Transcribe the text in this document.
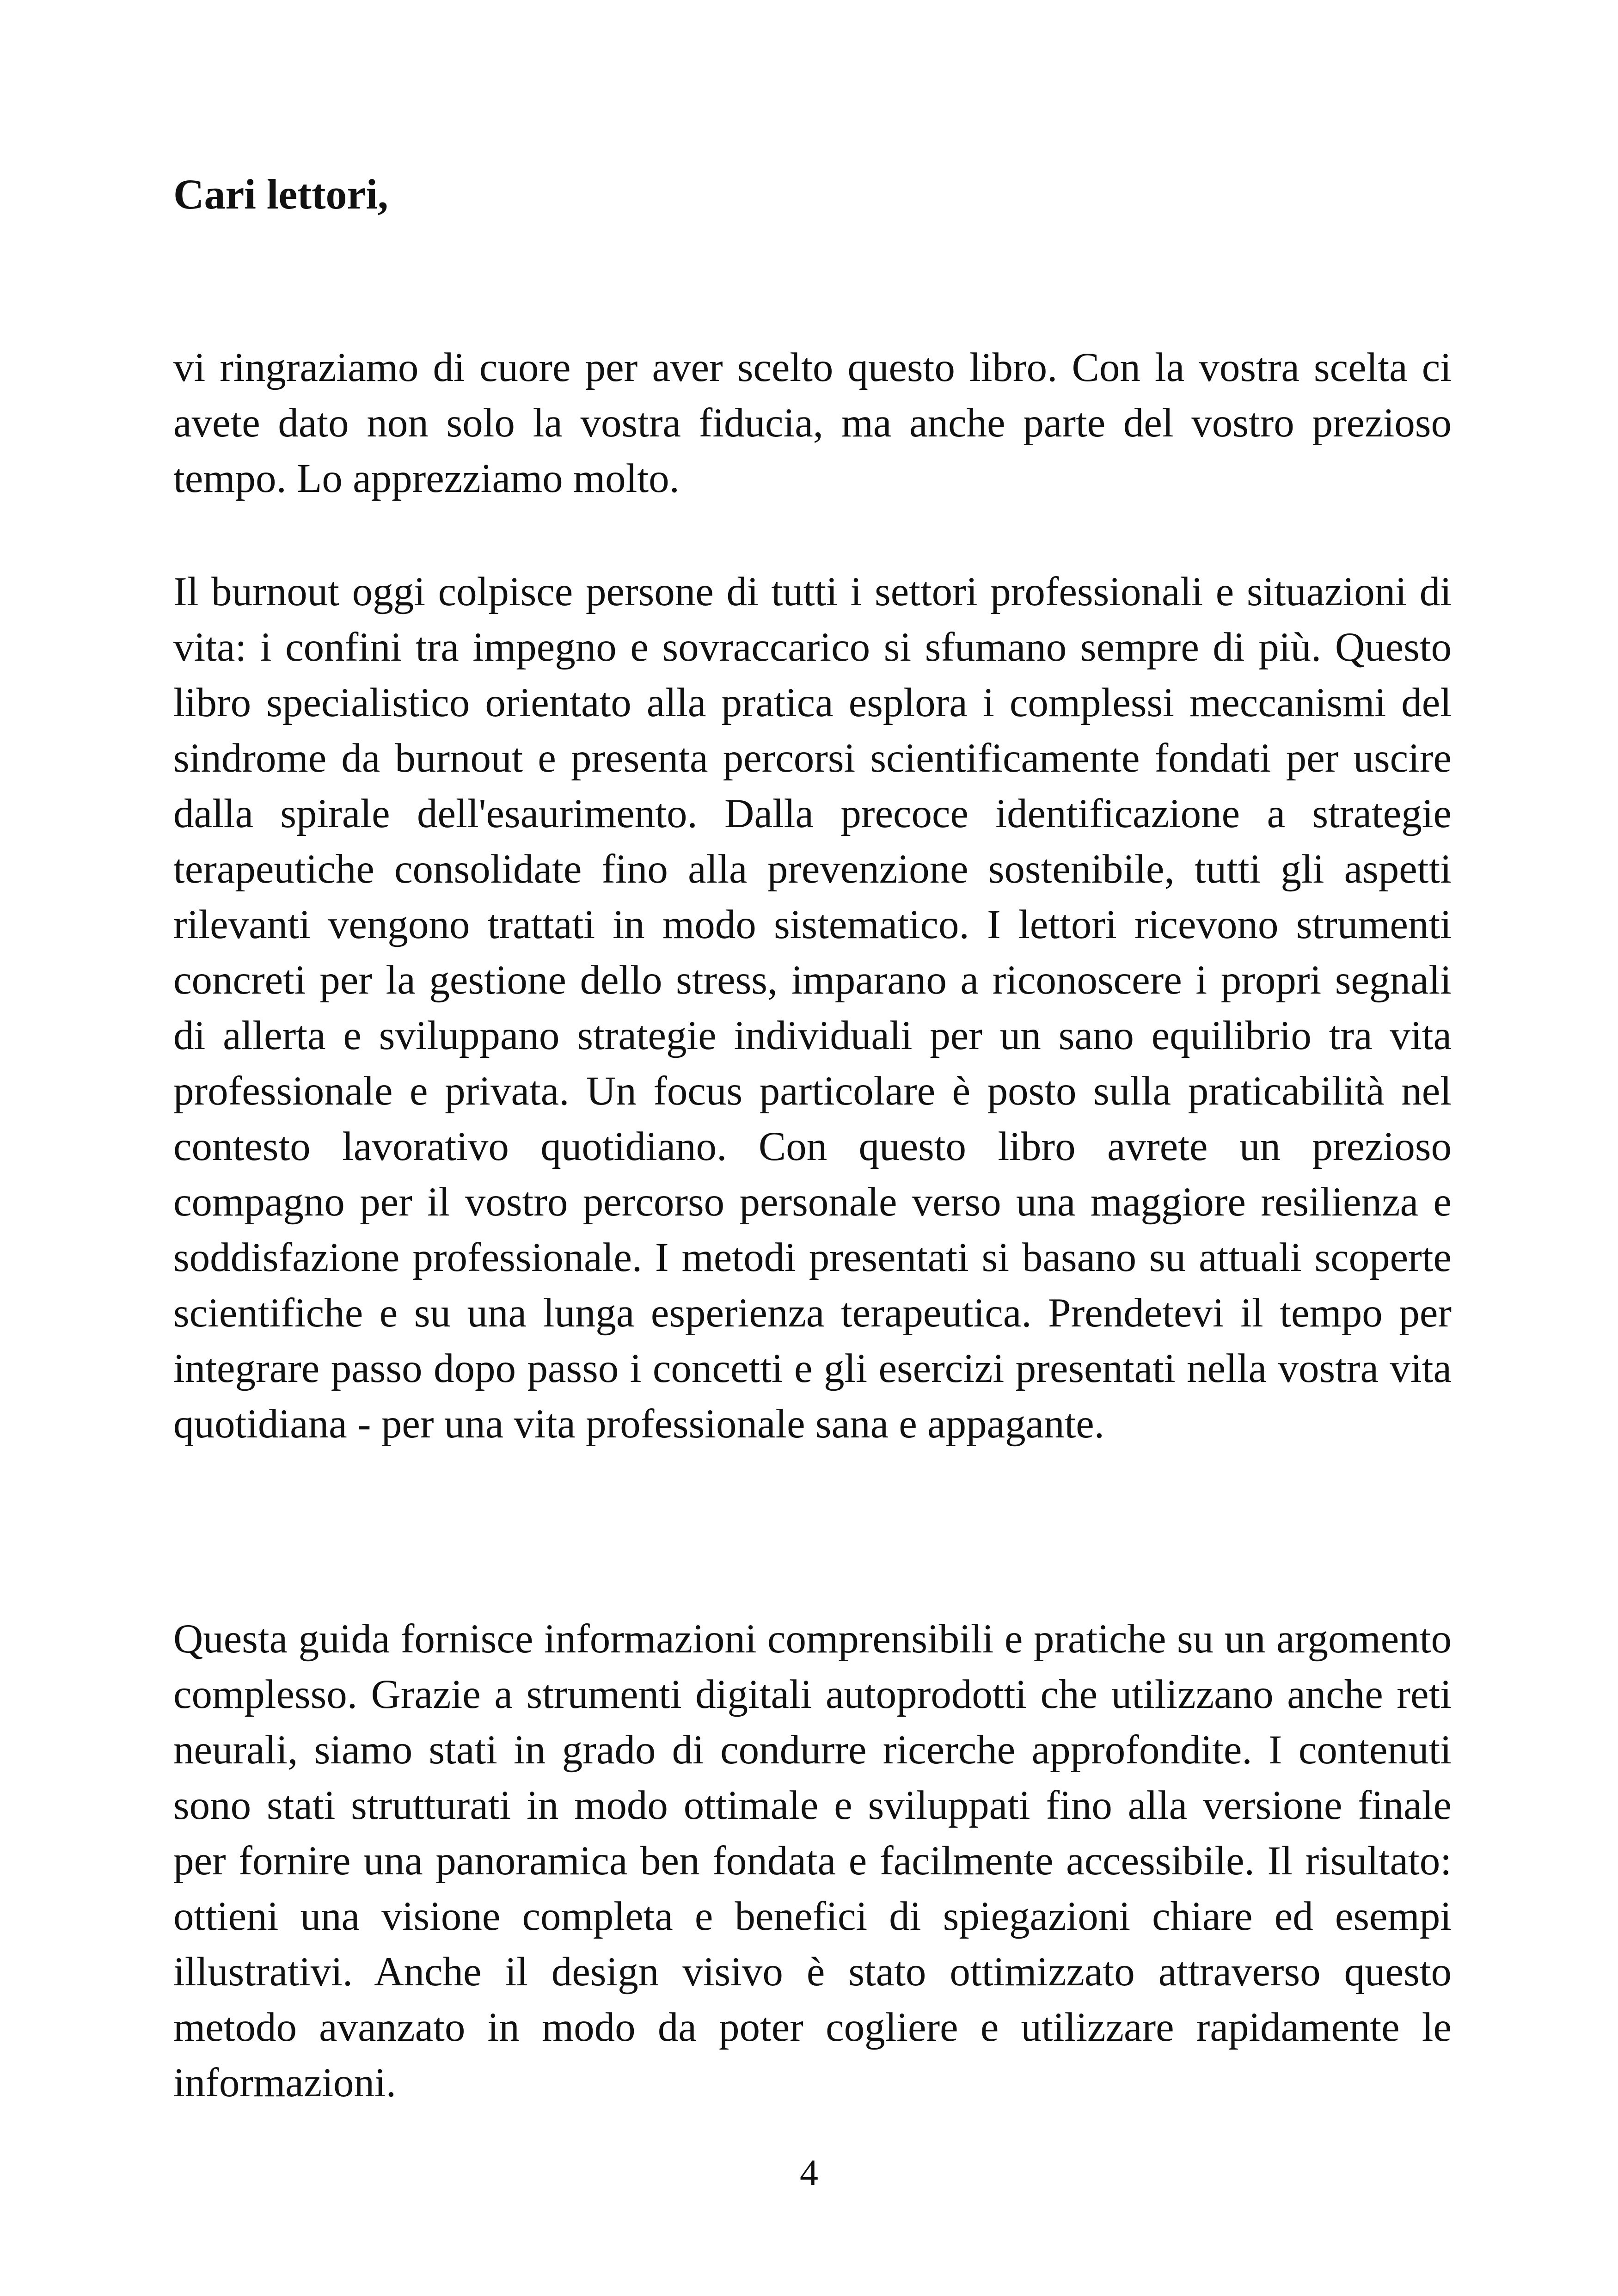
Cari lettori,

vi ringraziamo di cuore per aver scelto questo libro. Con la vostra scelta ci avete dato non solo la vostra fiducia, ma anche parte del vostro prezioso tempo. Lo apprezziamo molto.

Il burnout oggi colpisce persone di tutti i settori professionali e situazioni di vita: i confini tra impegno e sovraccarico si sfumano sempre di più. Questo libro specialistico orientato alla pratica esplora i complessi meccanismi del sindrome da burnout e presenta percorsi scientificamente fondati per uscire dalla spirale dell'esaurimento. Dalla precoce identificazione a strategie terapeutiche consolidate fino alla prevenzione sostenibile, tutti gli aspetti rilevanti vengono trattati in modo sistematico. I lettori ricevono strumenti concreti per la gestione dello stress, imparano a riconoscere i propri segnali di allerta e sviluppano strategie individuali per un sano equilibrio tra vita professionale e privata. Un focus particolare è posto sulla praticabilità nel contesto lavorativo quotidiano. Con questo libro avrete un prezioso compagno per il vostro percorso personale verso una maggiore resilienza e soddisfazione professionale. I metodi presentati si basano su attuali scoperte scientifiche e su una lunga esperienza terapeutica. Prendetevi il tempo per integrare passo dopo passo i concetti e gli esercizi presentati nella vostra vita quotidiana - per una vita professionale sana e appagante.

Questa guida fornisce informazioni comprensibili e pratiche su un argomento complesso. Grazie a strumenti digitali autoprodotti che utilizzano anche reti neurali, siamo stati in grado di condurre ricerche approfondite. I contenuti sono stati strutturati in modo ottimale e sviluppati fino alla versione finale per fornire una panoramica ben fondata e facilmente accessibile. Il risultato: ottieni una visione completa e benefici di spiegazioni chiare ed esempi illustrativi. Anche il design visivo è stato ottimizzato attraverso questo metodo avanzato in modo da poter cogliere e utilizzare rapidamente le informazioni.

4
